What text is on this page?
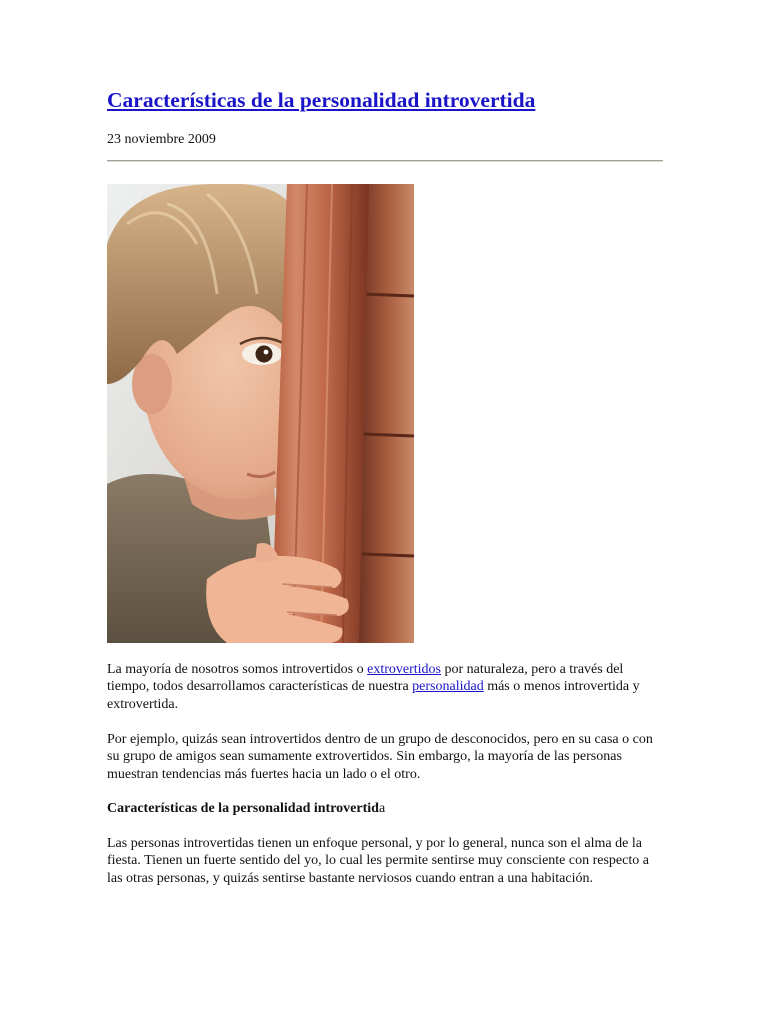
Características de la personalidad introvertida
23 noviembre 2009

La mayoría de nosotros somos introvertidos o extrovertidos por naturaleza, pero a través del tiempo, todos desarrollamos características de nuestra personalidad más o menos introvertida y extrovertida.

Por ejemplo, quizás sean introvertidos dentro de un grupo de desconocidos, pero en su casa o con su grupo de amigos sean sumamente extrovertidos. Sin embargo, la mayoría de las personas muestran tendencias más fuertes hacia un lado o el otro.

Características de la personalidad introvertida

Las personas introvertidas tienen un enfoque personal, y por lo general, nunca son el alma de la fiesta. Tienen un fuerte sentido del yo, lo cual les permite sentirse muy consciente con respecto a las otras personas, y quizás sentirse bastante nerviosos cuando entran a una habitación.
